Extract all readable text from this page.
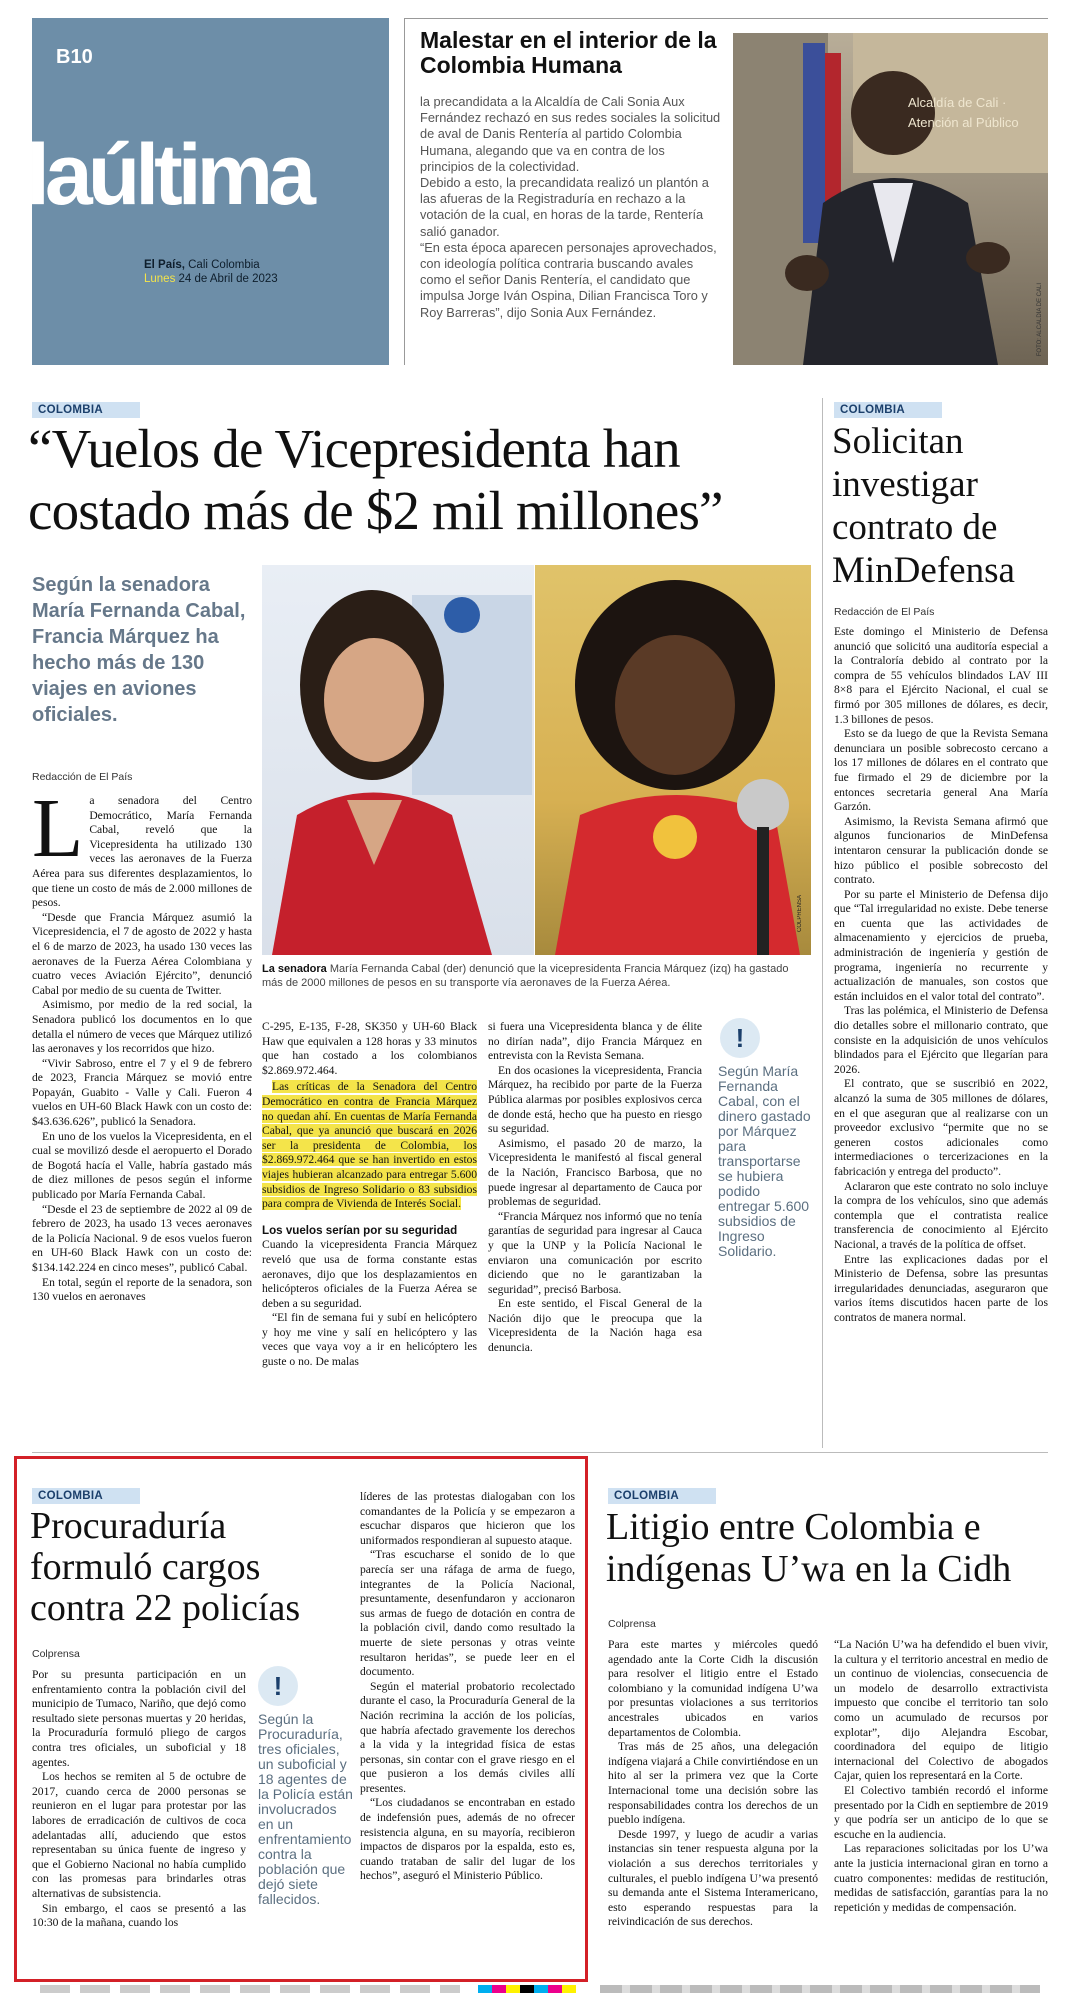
B10
laúltima
El País, Cali Colombia
Lunes 24 de Abril de 2023
Malestar en el interior de la Colombia Humana

la precandidata a la Alcaldía de Cali Sonia Aux Fernández rechazó en sus redes sociales la solicitud de aval de Danis Rentería al partido Colombia Humana, alegando que va en contra de los principios de la colectividad.

Debido a esto, la precandidata realizó un plantón a las afueras de la Registraduría en rechazo a la votación de la cual, en horas de la tarde, Rentería salió ganador.

“En esta época aparecen personajes aprovechados, con ideología política contraria buscando avales como el señor Danis Rentería, el candidato que impulsa Jorge Iván Ospina, Dilian Francisca Toro y Roy Barreras”, dijo Sonia Aux Fernández.

Alcaldía de Cali · Atención al Público
FOTO: ALCALDÍA DE CALI
COLOMBIA
“Vuelos de Vicepresidenta han costado más de $2 mil millones”
Según la senadora María Fernanda Cabal, Francia Márquez ha hecho más de 130 viajes en aviones oficiales.
Redacción de El País
COLPRENSA
La senadora María Fernanda Cabal (der) denunció que la vicepresidenta Francia Márquez (izq) ha gastado más de 2000 millones de pesos en su transporte vía aeronaves de la Fuerza Aérea.
L a senadora del Centro Democrático, María Fernanda Cabal, reveló que la Vicepresidenta ha utilizado 130 veces las aeronaves de la Fuerza Aérea para sus diferentes desplazamientos, lo que tiene un costo de más de 2.000 millones de pesos.

“Desde que Francia Márquez asumió la Vicepresidencia, el 7 de agosto de 2022 y hasta el 6 de marzo de 2023, ha usado 130 veces las aeronaves de la Fuerza Aérea Colombiana y cuatro veces Aviación Ejército”, denunció Cabal por medio de su cuenta de Twitter.

Asimismo, por medio de la red social, la Senadora publicó los documentos en lo que detalla el número de veces que Márquez utilizó las aeronaves y los recorridos que hizo.

“Vivir Sabroso, entre el 7 y el 9 de febrero de 2023, Francia Márquez se movió entre Popayán, Guabito - Valle y Cali. Fueron 4 vuelos en UH-60 Black Hawk con un costo de: $43.636.626”, publicó la Senadora.

En uno de los vuelos la Vicepresidenta, en el cual se movilizó desde el aeropuerto el Dorado de Bogotá hacía el Valle, habría gastado más de diez millones de pesos según el informe publicado por María Fernanda Cabal.

“Desde el 23 de septiembre de 2022 al 09 de febrero de 2023, ha usado 13 veces aeronaves de la Policía Nacional. 9 de esos vuelos fueron en UH-60 Black Hawk con un costo de: $134.142.224 en cinco meses”, publicó Cabal.

En total, según el reporte de la senadora, son 130 vuelos en aeronaves

C-295, E-135, F-28, SK350 y UH-60 Black Haw que equivalen a 128 horas y 33 minutos que han costado a los colombianos $2.869.972.464.

Las críticas de la Senadora del Centro Democrático en contra de Francia Márquez no quedan ahí. En cuentas de María Fernanda Cabal, que ya anunció que buscará en 2026 ser la presidenta de Colombia, los $2.869.972.464 que se han invertido en estos viajes hubieran alcanzado para entregar 5.600 subsidios de Ingreso Solidario o 83 subsidios para compra de Vivienda de Interés Social.

Los vuelos serían por su seguridad

Cuando la vicepresidenta Francia Márquez reveló que usa de forma constante estas aeronaves, dijo que los desplazamientos en helicópteros oficiales de la Fuerza Aérea se deben a su seguridad.

“El fin de semana fui y subí en helicóptero y hoy me vine y salí en helicóptero y las veces que vaya voy a ir en helicóptero les guste o no. De malas

si fuera una Vicepresidenta blanca y de élite no dirían nada”, dijo Francia Márquez en entrevista con la Revista Semana.

En dos ocasiones la vicepresidenta, Francia Márquez, ha recibido por parte de la Fuerza Pública alarmas por posibles explosivos cerca de donde está, hecho que ha puesto en riesgo su seguridad.

Asimismo, el pasado 20 de marzo, la Vicepresidenta le manifestó al fiscal general de la Nación, Francisco Barbosa, que no puede ingresar al departamento de Cauca por problemas de seguridad.

“Francia Márquez nos informó que no tenía garantías de seguridad para ingresar al Cauca y que la UNP y la Policía Nacional le enviaron una comunicación por escrito diciendo que no le garantizaban la seguridad”, precisó Barbosa.

En este sentido, el Fiscal General de la Nación dijo que le preocupa que la Vicepresidenta de la Nación haga esa denuncia.

!
Según María Fernanda Cabal, con el dinero gastado por Márquez para transportarse se hubiera podido entregar 5.600 subsidios de Ingreso Solidario.
COLOMBIA
Solicitan investigar contrato de MinDefensa
Redacción de El País

Este domingo el Ministerio de Defensa anunció que solicitó una auditoría especial a la Contraloría debido al contrato por la compra de 55 vehículos blindados LAV III 8×8 para el Ejército Nacional, el cual se firmó por 305 millones de dólares, es decir, 1.3 billones de pesos.

Esto se da luego de que la Revista Semana denunciara un posible sobrecosto cercano a los 17 millones de dólares en el contrato que fue firmado el 29 de diciembre por la entonces secretaria general Ana María Garzón.

Asimismo, la Revista Semana afirmó que algunos funcionarios de MinDefensa intentaron censurar la publicación donde se hizo público el posible sobrecosto del contrato.

Por su parte el Ministerio de Defensa dijo que “Tal irregularidad no existe. Debe tenerse en cuenta que las actividades de almacenamiento y ejercicios de prueba, administración de ingeniería y gestión de programa, ingeniería no recurrente y actualización de manuales, son costos que están incluidos en el valor total del contrato”.

Tras las polémica, el Ministerio de Defensa dio detalles sobre el millonario contrato, que consiste en la adquisición de unos vehículos blindados para el Ejército que llegarían para 2026.

El contrato, que se suscribió en 2022, alcanzó la suma de 305 millones de dólares, en el que aseguran que al realizarse con un proveedor exclusivo “permite que no se generen costos adicionales como intermediaciones o tercerizaciones en la fabricación y entrega del producto”.

Aclararon que este contrato no solo incluye la compra de los vehículos, sino que además contempla que el contratista realice transferencia de conocimiento al Ejército Nacional, a través de la política de offset.

Entre las explicaciones dadas por el Ministerio de Defensa, sobre las presuntas irregularidades denunciadas, aseguraron que varios ítems discutidos hacen parte de los contratos de manera normal.

COLOMBIA
Procuraduría formuló cargos contra 22 policías
Colprensa

Por su presunta participación en un enfrentamiento contra la población civil del municipio de Tumaco, Nariño, que dejó como resultado siete personas muertas y 20 heridas, la Procuraduría formuló pliego de cargos contra tres oficiales, un suboficial y 18 agentes.

Los hechos se remiten al 5 de octubre de 2017, cuando cerca de 2000 personas se reunieron en el lugar para protestar por las labores de erradicación de cultivos de coca adelantadas allí, aduciendo que estos representaban su única fuente de ingreso y que el Gobierno Nacional no había cumplido con las promesas para brindarles otras alternativas de subsistencia.

Sin embargo, el caos se presentó a las 10:30 de la mañana, cuando los

!
Según la Procuraduría, tres oficiales, un suboficial y 18 agentes de la Policía están involucrados en un enfrentamiento contra la población que dejó siete fallecidos.

líderes de las protestas dialogaban con los comandantes de la Policía y se empezaron a escuchar disparos que hicieron que los uniformados respondieran al supuesto ataque.

“Tras escucharse el sonido de lo que parecía ser una ráfaga de arma de fuego, integrantes de la Policía Nacional, presuntamente, desenfundaron y accionaron sus armas de fuego de dotación en contra de la población civil, dando como resultado la muerte de siete personas y otras veinte resultaron heridas”, se puede leer en el documento.

Según el material probatorio recolectado durante el caso, la Procuraduría General de la Nación recrimina la acción de los policías, que habría afectado gravemente los derechos a la vida y la integridad física de estas personas, sin contar con el grave riesgo en el que pusieron a los demás civiles allí presentes.

“Los ciudadanos se encontraban en estado de indefensión pues, además de no ofrecer resistencia alguna, en su mayoría, recibieron impactos de disparos por la espalda, esto es, cuando trataban de salir del lugar de los hechos”, aseguró el Ministerio Público.

COLOMBIA
Litigio entre Colombia e indígenas U’wa en la Cidh
Colprensa

Para este martes y miércoles quedó agendado ante la Corte Cidh la discusión para resolver el litigio entre el Estado colombiano y la comunidad indígena U’wa por presuntas violaciones a sus territorios ancestrales ubicados en varios departamentos de Colombia.

Tras más de 25 años, una delegación indígena viajará a Chile convirtiéndose en un hito al ser la primera vez que la Corte Internacional tome una decisión sobre las responsabilidades contra los derechos de un pueblo indígena.

Desde 1997, y luego de acudir a varias instancias sin tener respuesta alguna por la violación a sus derechos territoriales y culturales, el pueblo indígena U’wa presentó su demanda ante el Sistema Interamericano, esto esperando respuestas para la reivindicación de sus derechos.

“La Nación U’wa ha defendido el buen vivir, la cultura y el territorio ancestral en medio de un continuo de violencias, consecuencia de un modelo de desarrollo extractivista impuesto que concibe el territorio tan solo como un acumulado de recursos por explotar”, dijo Alejandra Escobar, coordinadora del equipo de litigio internacional del Colectivo de abogados Cajar, quien los representará en la Corte.

El Colectivo también recordó el informe presentado por la Cidh en septiembre de 2019 y que podría ser un anticipo de lo que se escuche en la audiencia.

Las reparaciones solicitadas por los U’wa ante la justicia internacional giran en torno a cuatro componentes: medidas de restitución, medidas de satisfacción, garantías para la no repetición y medidas de compensación.
